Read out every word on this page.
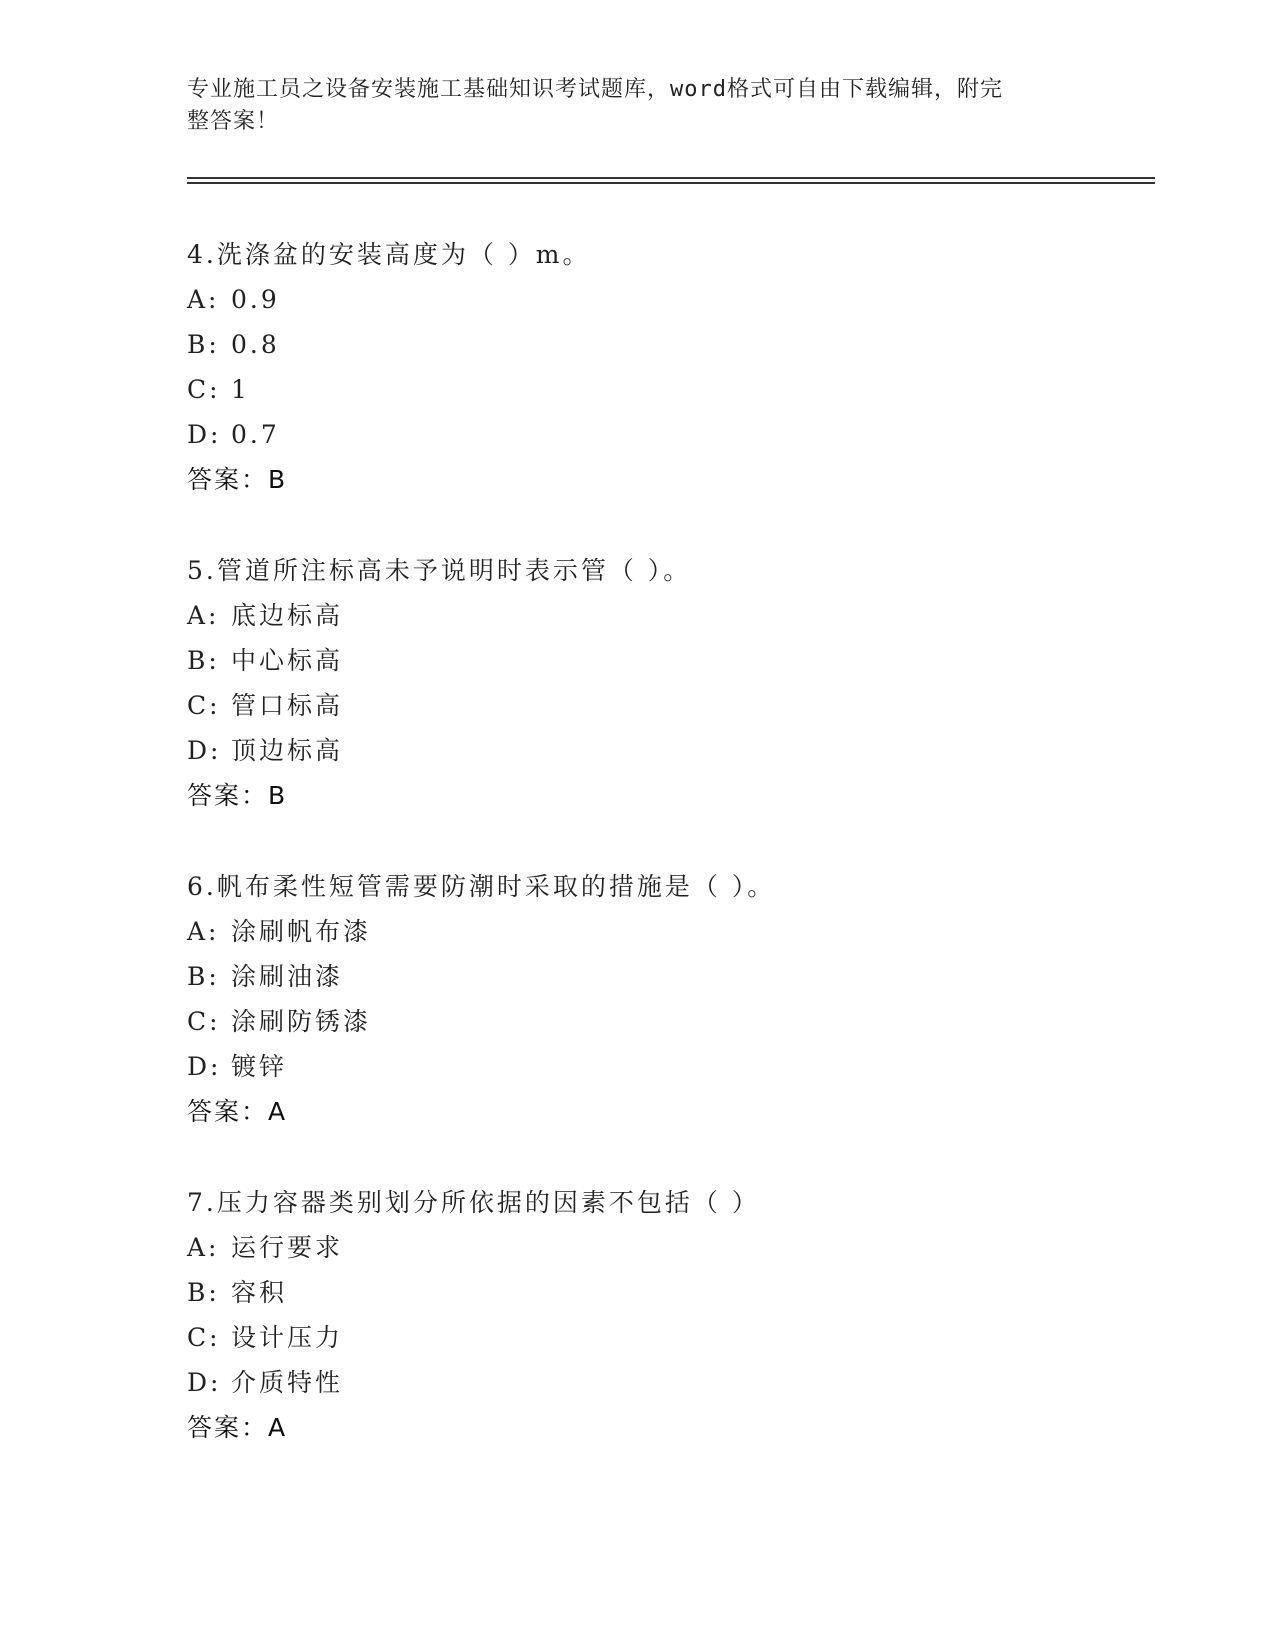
专业施工员之设备安装施工基础知识考试题库，word格式可自由下载编辑，附完
整答案！
4.洗涤盆的安装高度为（ ）m。
A: 0.9
B: 0.8
C: 1
D: 0.7
答案：B
5.管道所注标高未予说明时表示管（ ）。
A: 底边标高
B: 中心标高
C: 管口标高
D: 顶边标高
答案：B
6.帆布柔性短管需要防潮时采取的措施是（ ）。
A: 涂刷帆布漆
B: 涂刷油漆
C: 涂刷防锈漆
D: 镀锌
答案：A
7.压力容器类别划分所依据的因素不包括（ ）
A: 运行要求
B: 容积
C: 设计压力
D: 介质特性
答案：A
